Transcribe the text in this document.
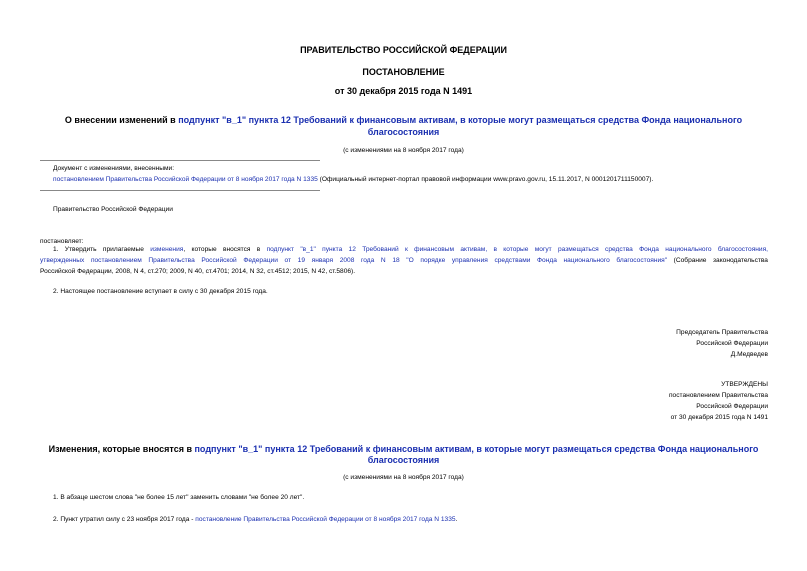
ПРАВИТЕЛЬСТВО РОССИЙСКОЙ ФЕДЕРАЦИИ
ПОСТАНОВЛЕНИЕ
от 30 декабря 2015 года N 1491
О внесении изменений в подпункт "в_1" пункта 12 Требований к финансовым активам, в которые могут размещаться средства Фонда национального
благосостояния
(с изменениями на 8 ноября 2017 года)
Документ с изменениями, внесенными:
постановлением Правительства Российской Федерации от 8 ноября 2017 года N 1335 (Официальный интернет-портал правовой информации www.pravo.gov.ru, 15.11.2017, N 0001201711150007).
Правительство Российской Федерации
постановляет:
1. Утвердить прилагаемые изменения, которые вносятся в подпункт "в_1" пункта 12 Требований к финансовым активам, в которые могут размещаться средства Фонда национального благосостояния,
утвержденных постановлением Правительства Российской Федерации от 19 января 2008 года N 18 "О порядке управления средствами Фонда национального благосостояния" (Собрание законодательства
Российской Федерации, 2008, N 4, ст.270; 2009, N 40, ст.4701; 2014, N 32, ст.4512; 2015, N 42, ст.5806).
2. Настоящее постановление вступает в силу с 30 декабря 2015 года.
Председатель Правительства
Российской Федерации
Д.Медведев
УТВЕРЖДЕНЫ
постановлением Правительства
Российской Федерации
от 30 декабря 2015 года N 1491
Изменения, которые вносятся в подпункт "в_1" пункта 12 Требований к финансовым активам, в которые могут размещаться средства Фонда национального
благосостояния
(с изменениями на 8 ноября 2017 года)
1. В абзаце шестом слова "не более 15 лет" заменить словами "не более 20 лет".
2. Пункт утратил силу с 23 ноября 2017 года - постановление Правительства Российской Федерации от 8 ноября 2017 года N 1335.
